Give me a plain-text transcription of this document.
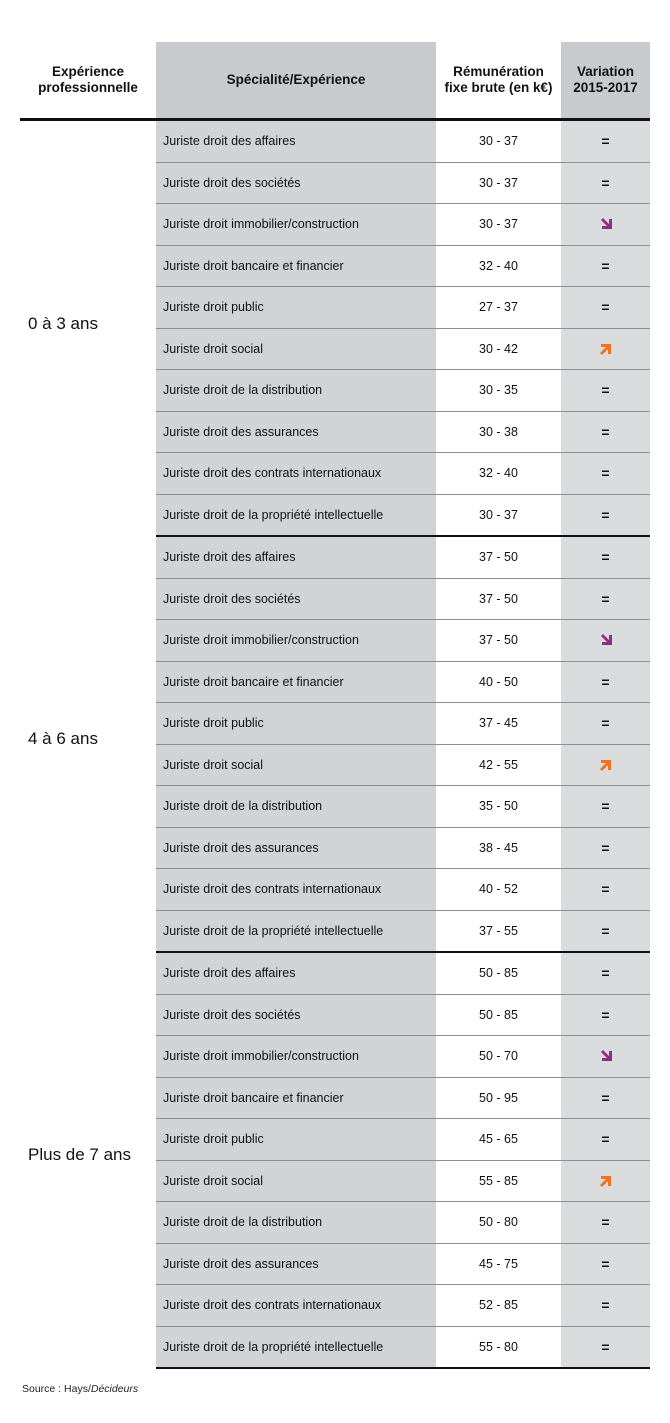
Expérience professionnelle	Spécialité/Expérience	Rémunération fixe brute (en k€)	Variation 2015-2017
0 à 3 ans	Juriste droit des affaires	30 - 37	=
	Juriste droit des sociétés	30 - 37	=
	Juriste droit immobilier/construction	30 - 37	
	Juriste droit bancaire et financier	32 - 40	=
	Juriste droit public	27 - 37	=
	Juriste droit social	30 - 42	
	Juriste droit de la distribution	30 - 35	=
	Juriste droit des assurances	30 - 38	=
	Juriste droit des contrats internationaux	32 - 40	=
	Juriste droit de la propriété intellectuelle	30 - 37	=
4 à 6 ans	Juriste droit des affaires	37 - 50	=
	Juriste droit des sociétés	37 - 50	=
	Juriste droit immobilier/construction	37 - 50	
	Juriste droit bancaire et financier	40 - 50	=
	Juriste droit public	37 - 45	=
	Juriste droit social	42 - 55	
	Juriste droit de la distribution	35 - 50	=
	Juriste droit des assurances	38 - 45	=
	Juriste droit des contrats internationaux	40 - 52	=
	Juriste droit de la propriété intellectuelle	37 - 55	=
Plus de 7 ans	Juriste droit des affaires	50 - 85	=
	Juriste droit des sociétés	50 - 85	=
	Juriste droit immobilier/construction	50 - 70	
	Juriste droit bancaire et financier	50 - 95	=
	Juriste droit public	45 - 65	=
	Juriste droit social	55 - 85	
	Juriste droit de la distribution	50 - 80	=
	Juriste droit des assurances	45 - 75	=
	Juriste droit des contrats internationaux	52 - 85	=
	Juriste droit de la propriété intellectuelle	55 - 80	=
Source : Hays/Décideurs
